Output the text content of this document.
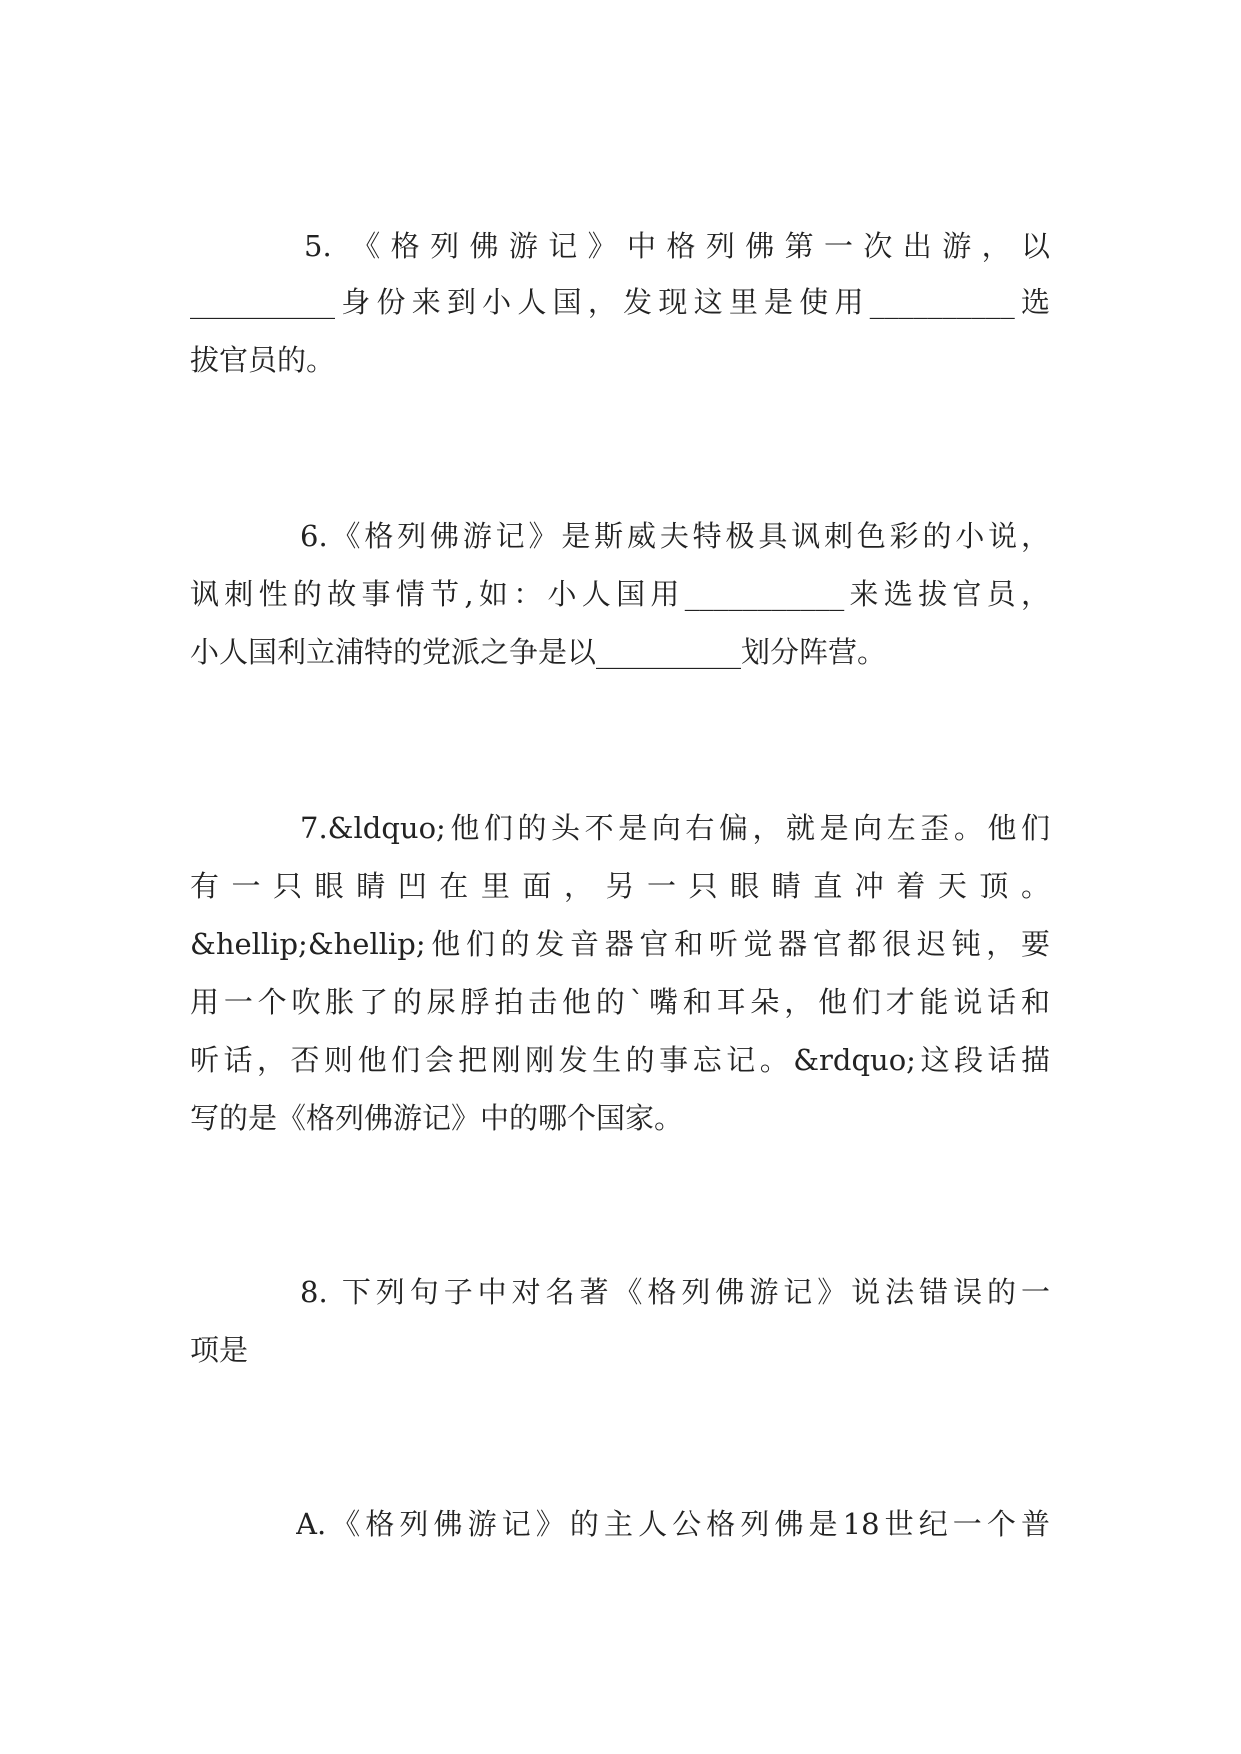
5. 《格列佛游记》中格列佛第一次出游，以
__________身份来到小人国，发现这里是使用__________选
拔官员的。
6.《格列佛游记》是斯威夫特极具讽刺色彩的小说，
讽刺性的故事情节,如：小人国用___________来选拔官员，
小人国利立浦特的党派之争是以__________划分阵营。
7.&ldquo;他们的头不是向右偏，就是向左歪。他们
有一只眼睛凹在里面，另一只眼睛直冲着天顶。
&hellip;&hellip;他们的发音器官和听觉器官都很迟钝，要
用一个吹胀了的尿脬拍击他的`嘴和耳朵，他们才能说话和
听话，否则他们会把刚刚发生的事忘记。&rdquo;这段话描
写的是《格列佛游记》中的哪个国家。
8. 下列句子中对名著《格列佛游记》说法错误的一
项是
A.《格列佛游记》的主人公格列佛是18世纪一个普
